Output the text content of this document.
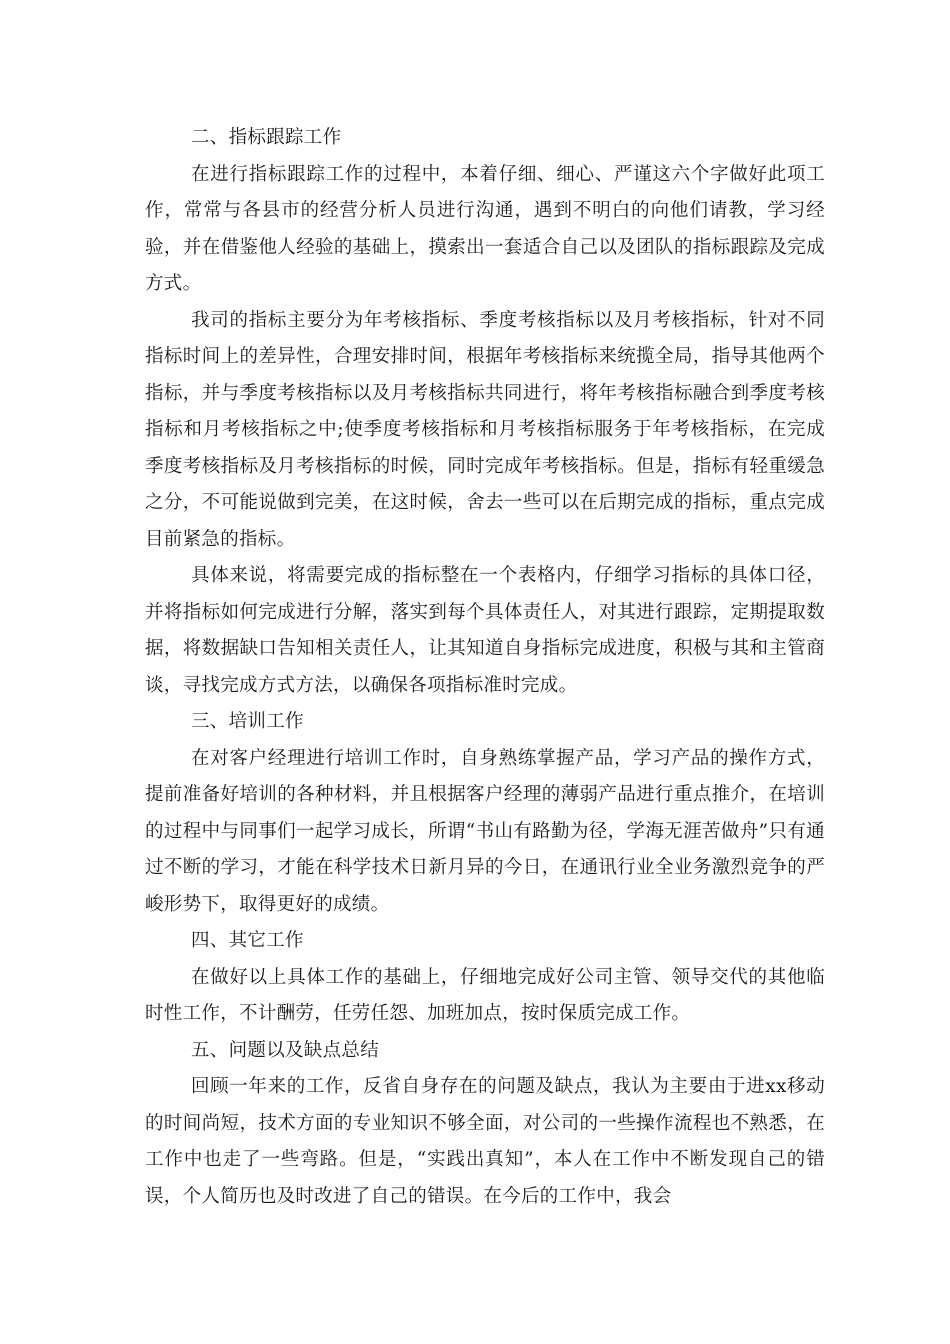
二、指标跟踪工作

在进行指标跟踪工作的过程中，本着仔细、细心、严谨这六个字做好此项工作，常常与各县市的经营分析人员进行沟通，遇到不明白的向他们请教，学习经验，并在借鉴他人经验的基础上，摸索出一套适合自己以及团队的指标跟踪及完成方式。

我司的指标主要分为年考核指标、季度考核指标以及月考核指标，针对不同指标时间上的差异性，合理安排时间，根据年考核指标来统揽全局，指导其他两个指标，并与季度考核指标以及月考核指标共同进行，将年考核指标融合到季度考核指标和月考核指标之中;使季度考核指标和月考核指标服务于年考核指标，在完成季度考核指标及月考核指标的时候，同时完成年考核指标。但是，指标有轻重缓急之分，不可能说做到完美，在这时候，舍去一些可以在后期完成的指标，重点完成目前紧急的指标。

具体来说，将需要完成的指标整在一个表格内，仔细学习指标的具体口径，并将指标如何完成进行分解，落实到每个具体责任人，对其进行跟踪，定期提取数据，将数据缺口告知相关责任人，让其知道自身指标完成进度，积极与其和主管商谈，寻找完成方式方法，以确保各项指标准时完成。

三、培训工作

在对客户经理进行培训工作时，自身熟练掌握产品，学习产品的操作方式，提前准备好培训的各种材料，并且根据客户经理的薄弱产品进行重点推介，在培训的过程中与同事们一起学习成长，所谓“书山有路勤为径，学海无涯苦做舟”只有通过不断的学习，才能在科学技术日新月异的今日，在通讯行业全业务激烈竞争的严峻形势下，取得更好的成绩。

四、其它工作

在做好以上具体工作的基础上，仔细地完成好公司主管、领导交代的其他临时性工作，不计酬劳，任劳任怨、加班加点，按时保质完成工作。

五、问题以及缺点总结

回顾一年来的工作，反省自身存在的问题及缺点，我认为主要由于进xx移动的时间尚短，技术方面的专业知识不够全面，对公司的一些操作流程也不熟悉，在工作中也走了一些弯路。但是，“实践出真知”，本人在工作中不断发现自己的错误，个人简历也及时改进了自己的错误。在今后的工作中，我会
